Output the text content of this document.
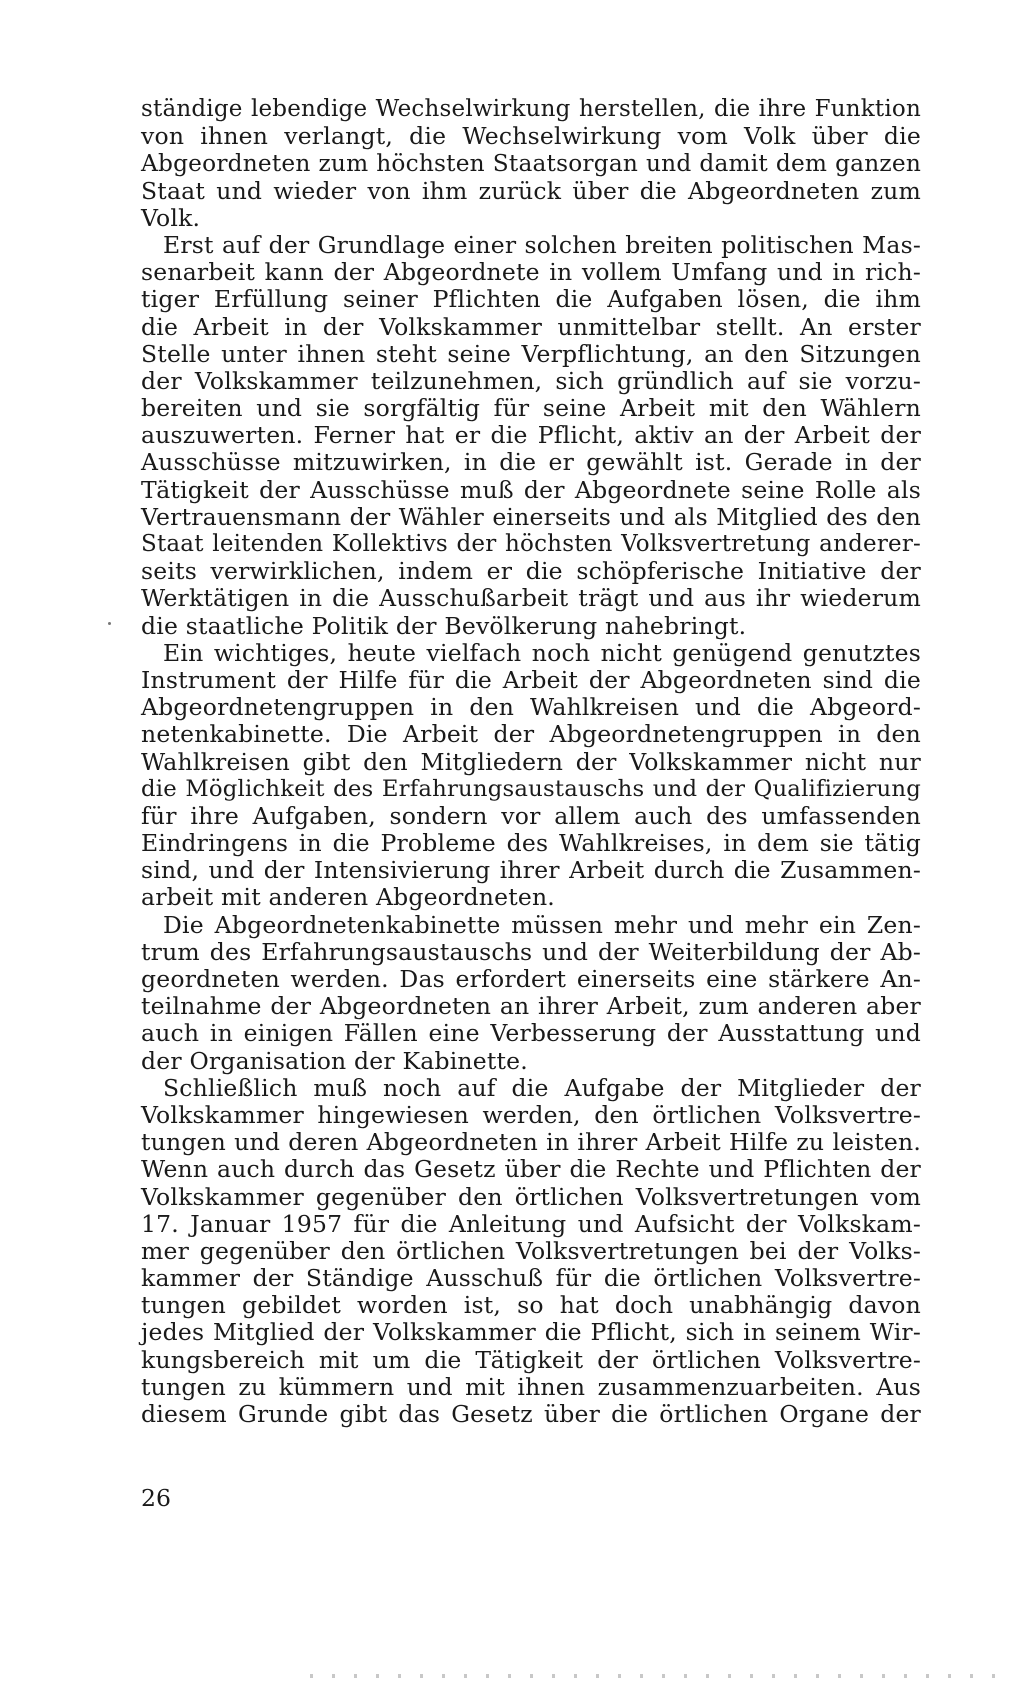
ständige lebendige Wechselwirkung herstellen, die ihre Funktion
von ihnen verlangt, die Wechselwirkung vom Volk über die
Abgeordneten zum höchsten Staatsorgan und damit dem ganzen
Staat und wieder von ihm zurück über die Abgeordneten zum
Volk.
Erst auf der Grundlage einer solchen breiten politischen Mas-
senarbeit kann der Abgeordnete in vollem Umfang und in rich-
tiger Erfüllung seiner Pflichten die Aufgaben lösen, die ihm
die Arbeit in der Volkskammer unmittelbar stellt. An erster
Stelle unter ihnen steht seine Verpflichtung, an den Sitzungen
der Volkskammer teilzunehmen, sich gründlich auf sie vorzu-
bereiten und sie sorgfältig für seine Arbeit mit den Wählern
auszuwerten. Ferner hat er die Pflicht, aktiv an der Arbeit der
Ausschüsse mitzuwirken, in die er gewählt ist. Gerade in der
Tätigkeit der Ausschüsse muß der Abgeordnete seine Rolle als
Vertrauensmann der Wähler einerseits und als Mitglied des den
Staat leitenden Kollektivs der höchsten Volksvertretung anderer-
seits verwirklichen, indem er die schöpferische Initiative der
Werktätigen in die Ausschußarbeit trägt und aus ihr wiederum
die staatliche Politik der Bevölkerung nahebringt.
Ein wichtiges, heute vielfach noch nicht genügend genutztes
Instrument der Hilfe für die Arbeit der Abgeordneten sind die
Abgeordnetengruppen in den Wahlkreisen und die Abgeord-
netenkabinette. Die Arbeit der Abgeordnetengruppen in den
Wahlkreisen gibt den Mitgliedern der Volkskammer nicht nur
die Möglichkeit des Erfahrungsaustauschs und der Qualifizierung
für ihre Aufgaben, sondern vor allem auch des umfassenden
Eindringens in die Probleme des Wahlkreises, in dem sie tätig
sind, und der Intensivierung ihrer Arbeit durch die Zusammen-
arbeit mit anderen Abgeordneten.
Die Abgeordnetenkabinette müssen mehr und mehr ein Zen-
trum des Erfahrungsaustauschs und der Weiterbildung der Ab-
geordneten werden. Das erfordert einerseits eine stärkere An-
teilnahme der Abgeordneten an ihrer Arbeit, zum anderen aber
auch in einigen Fällen eine Verbesserung der Ausstattung und
der Organisation der Kabinette.
Schließlich muß noch auf die Aufgabe der Mitglieder der
Volkskammer hingewiesen werden, den örtlichen Volksvertre-
tungen und deren Abgeordneten in ihrer Arbeit Hilfe zu leisten.
Wenn auch durch das Gesetz über die Rechte und Pflichten der
Volkskammer gegenüber den örtlichen Volksvertretungen vom
17. Januar 1957 für die Anleitung und Aufsicht der Volkskam-
mer gegenüber den örtlichen Volksvertretungen bei der Volks-
kammer der Ständige Ausschuß für die örtlichen Volksvertre-
tungen gebildet worden ist, so hat doch unabhängig davon
jedes Mitglied der Volkskammer die Pflicht, sich in seinem Wir-
kungsbereich mit um die Tätigkeit der örtlichen Volksvertre-
tungen zu kümmern und mit ihnen zusammenzuarbeiten. Aus
diesem Grunde gibt das Gesetz über die örtlichen Organe der
26
